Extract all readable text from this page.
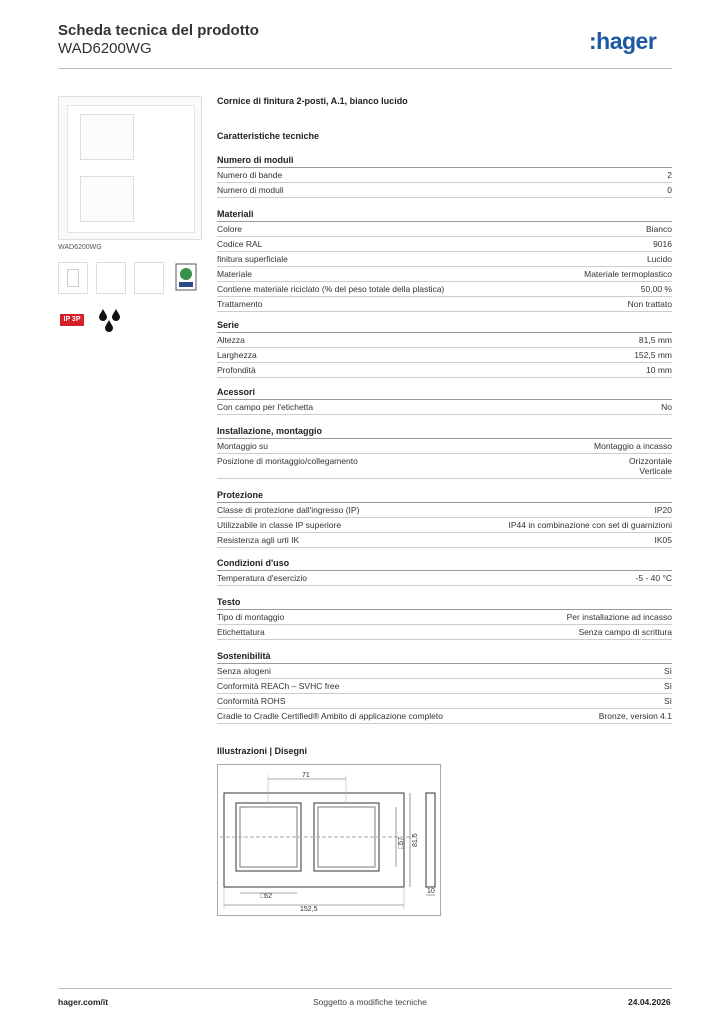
Scheda tecnica del prodotto
WAD6200WG	:hager
WAD6200WG
IP 3P
Cornice di finitura 2-posti, A.1, bianco lucido
Caratteristiche tecniche
Numero di moduli
Numero di bande	2
Numero di moduli	0
Materiali
Colore	Bianco
Codice RAL	9016
finitura superficiale	Lucido
Materiale	Materiale termoplastico
Contiene materiale riciclato (% del peso totale della plastica)	50,00 %
Trattamento	Non trattato
Serie
Altezza	81,5 mm
Larghezza	152,5 mm
Profondità	10 mm
Acessori
Con campo per l'etichetta	No
Installazione, montaggio
Montaggio su	Montaggio a incasso
Posizione di montaggio/collegamento	Orizzontale
Verticale
Protezione
Classe di protezione dall'ingresso (IP)	IP20
Utilizzabile in classe IP superiore	IP44 in combinazione con set di guarnizioni
Resistenza agli urti IK	IK05
Condizioni d'uso
Temperatura d'esercizio	-5 - 40 °C
Testo
Tipo di montaggio	Per installazione ad incasso
Etichettatura	Senza campo di scrittura
Sostenibilità
Senza alogeni	Sì
Conformità REACh – SVHC free	Sì
Conformità ROHS	Sì
Cradle to Cradle Certified® Ambito di applicazione completo	Bronze, version 4.1
Illustrazioni | Disegni
71
□52
152,5
10
□57 81,5
hager.com/it	Soggetto a modifiche tecniche	24.04.2026
